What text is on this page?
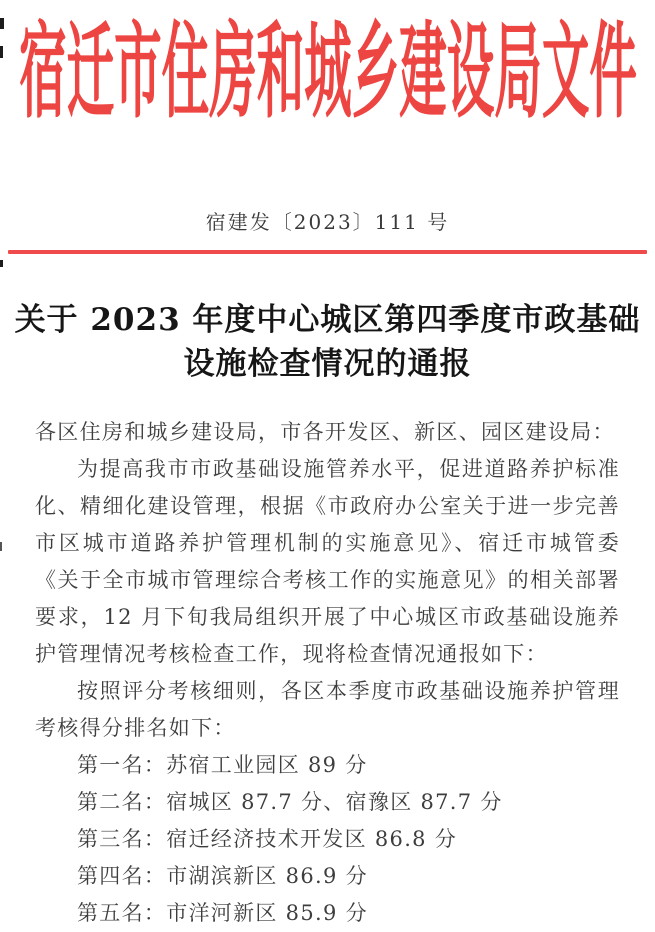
宿迁市住房和城乡建设局文件
宿建发〔2023〕111 号
关于 2023 年度中心城区第四季度市政基础
设施检查情况的通报

各区住房和城乡建设局，市各开发区、新区、园区建设局：

为提高我市市政基础设施管养水平，促进道路养护标准化、精细化建设管理，根据《市政府办公室关于进一步完善市区城市道路养护管理机制的实施意见》、宿迁市城管委《关于全市城市管理综合考核工作的实施意见》的相关部署要求，12 月下旬我局组织开展了中心城区市政基础设施养护管理情况考核检查工作，现将检查情况通报如下：

按照评分考核细则，各区本季度市政基础设施养护管理考核得分排名如下：

第一名：苏宿工业园区 89 分

第二名：宿城区 87.7 分、宿豫区 87.7 分

第三名：宿迁经济技术开发区 86.8 分

第四名：市湖滨新区 86.9 分

第五名：市洋河新区 85.9 分
